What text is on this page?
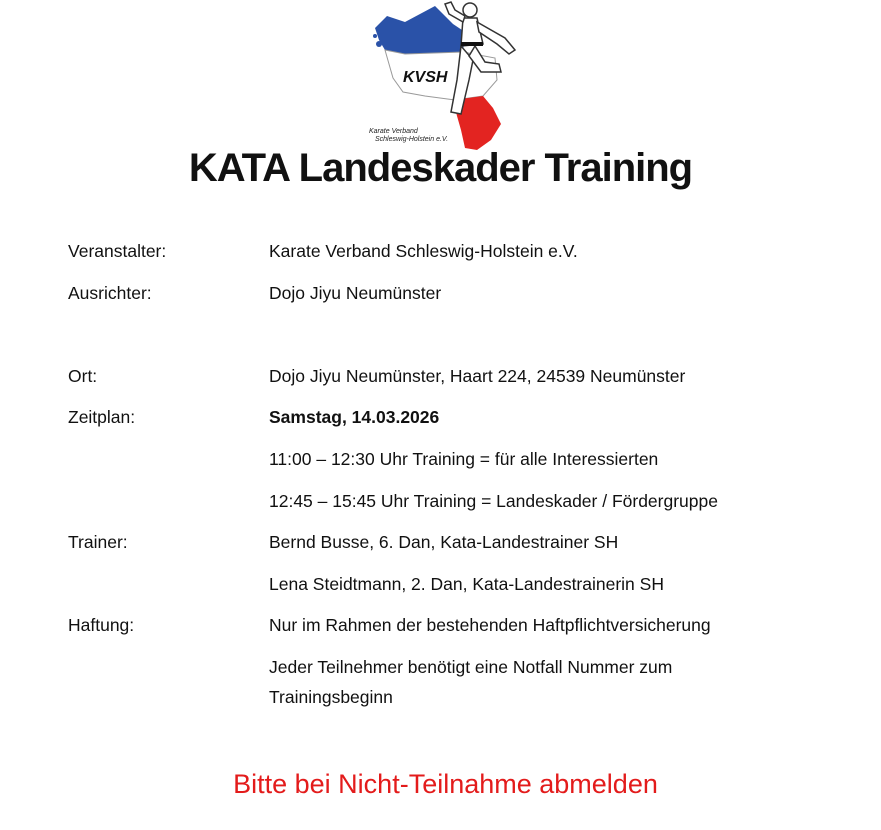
KVSH
Karate Verband
Schleswig-Holstein e.V.
KATA Landeskader Training
Veranstalter:	Karate Verband Schleswig-Holstein e.V.
Ausrichter:	Dojo Jiyu Neumünster
Ort:	Dojo Jiyu Neumünster, Haart 224, 24539 Neumünster
Zeitplan:	Samstag, 14.03.2026
11:00 – 12:30 Uhr Training = für alle Interessierten
12:45 – 15:45 Uhr Training = Landeskader / Fördergruppe
Trainer:	Bernd Busse, 6. Dan, Kata-Landestrainer SH
Lena Steidtmann, 2. Dan, Kata-Landestrainerin SH
Haftung:	Nur im Rahmen der bestehenden Haftpflichtversicherung
Jeder Teilnehmer benötigt eine Notfall Nummer zum
Trainingsbeginn
Bitte bei Nicht-Teilnahme abmelden
